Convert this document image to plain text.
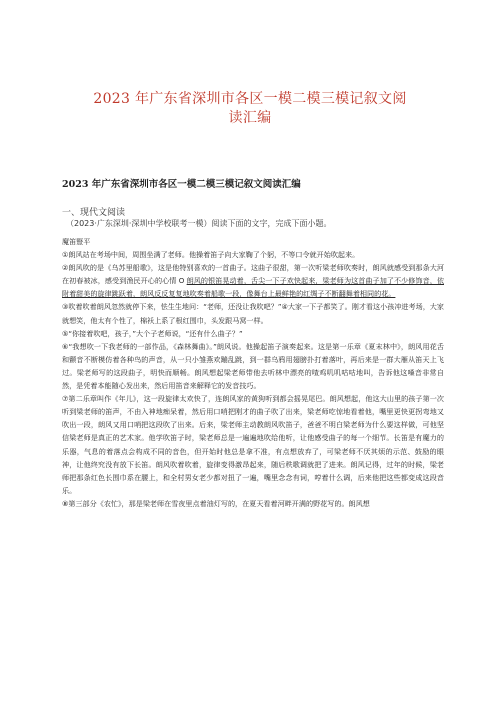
2023 年广东省深圳市各区一模二模三模记叙文阅
读汇编
2023 年广东省深圳市各区一模二模三模记叙文阅读汇编
一、现代文阅读
（2023·广东深圳·深圳中学校联考一模）阅读下面的文字，完成下面小题。

魔笛豎平

①朗风站在考场中间，周围坐满了老师。他操着笛子向大家鞠了个躬，不等口令就开始吹起来。

②朗风吹的是《乌苏里船歌》，这是他特别喜欢的一首曲子。这曲子很甜，第一次听梁老师吹奏时，朗风就感受到那条大河在初春被冰，感受到渔民开心的心情 Ο 朗风的银笛晃动着，舌尖一下子欢快起来，梁老师为这首曲子加了不少修饰音，依附着甜美的旋律跳跃着，朗风反反复复地吹奏着船歌一段，像舞台上最鲜艳的红绸子不断翻舞着相同的花。

③吹着吹着朗风忽然就停下来，怯生生地问：“老师，还没让我吹吧？”④大家一下子都笑了。刚才看这小孩冲进考场，大家就想笑，他太有个性了，棉袄上系了根红围巾，头发跟马窝一样。

⑤“你接着吹吧，孩子，”大个子老师说，“还有什么曲子？”

⑥“我想吹一下我老师的一部作品，《森林舞曲》。”朗风说。他操起笛子演奏起来。这是第一乐章《夏末林中》，朗风用花舌和颤音不断模仿着各种鸟的声音，从一只小雏燕欢蹦乱跳，到一群乌鸦用翅膀扑打着落叶，再后来是一群大雁从笛天上飞过。梁老师写的这段曲子，明快而顺畅。朗风想起梁老师带他去听林中漂亮的喳鸡叽叽咕咕地叫，告诉他这嗓音非常自然，是凭着本能随心发出来，然后用笛音来解释它的发音技巧。

⑦第二乐章叫作《年儿》，这一段旋律太欢快了，连朗风家的黄狗听到都会摇晃尾巴。朗风想起，他这大山里的孩子第一次听到梁老师的笛声，不由入神地痴呆着，然后用口哨把刚才的曲子吹了出来，梁老师吃惊地看着他，嘴里更快更拐弯地又吹出一段，朗风又用口哨把这段吹了出来。后来，梁老师主动教朗风吹笛子，爸爸不明白梁老师为什么要这样做，可他坚信梁老师是真正的艺术家。他学吹笛子时，梁老师总是一遍遍地吹给他听，让他感受曲子的每一个细节。长笛是有魔力的乐器，气息的着落点会构成不同的音色，但开始时他总是拿不准，有点想放弃了，可梁老师不厌其烦的示范、鼓励的眼神，让他终究没有放下长笛。朗风吹着吹着，旋律变得激昂起来，随后秩歌调就把了进来。朗风记得，过年的时候，梁老师把那条红色长围巾系在腰上，和全村男女老少都对扭了一遍，嘴里念念有词，哼着什么调，后来他把这些都变成这段音乐。

⑧第三部分《农忙》，那是梁老师在雪夜里点着油灯写的，在夏天看着河畔开满的野花写的。朗风想
